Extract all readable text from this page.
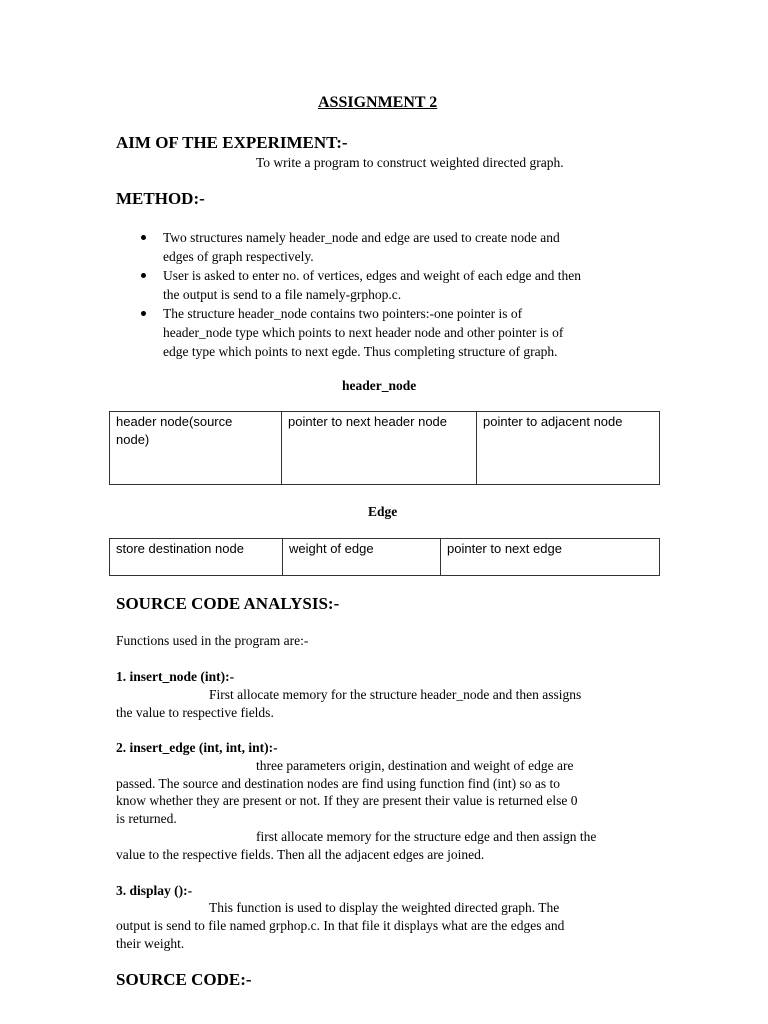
ASSIGNMENT 2
AIM OF THE EXPERIMENT:-
To write a program to construct weighted directed graph.
METHOD:-
Two structures namely header_node and edge are used to create node and
edges of graph respectively.
User is asked to enter no. of vertices, edges and weight of each edge and then
the output is send to a file namely-grphop.c.
The structure header_node contains two pointers:-one pointer is of
header_node type which points to next header node and other pointer is of
edge type which points to next egde. Thus completing structure of graph.
header_node
header node(source
node)	pointer to next header node	pointer to adjacent node
Edge
store destination node	weight of edge	pointer to next edge
SOURCE CODE ANALYSIS:-
Functions used in the program are:-
1. insert_node (int):-
First allocate memory for the structure header_node and then assigns
the value to respective fields.
2. insert_edge (int, int, int):-
three parameters origin, destination and weight of edge are
passed. The source and destination nodes are find using function find (int) so as to
know whether they are present or not. If they are present their value is returned else 0
is returned.
first allocate memory for the structure edge and then assign the
value to the respective fields. Then all the adjacent edges are joined.
3. display ():-
This function is used to display the weighted directed graph. The
output is send to file named grphop.c. In that file it displays what are the edges and
their weight.
SOURCE CODE:-
